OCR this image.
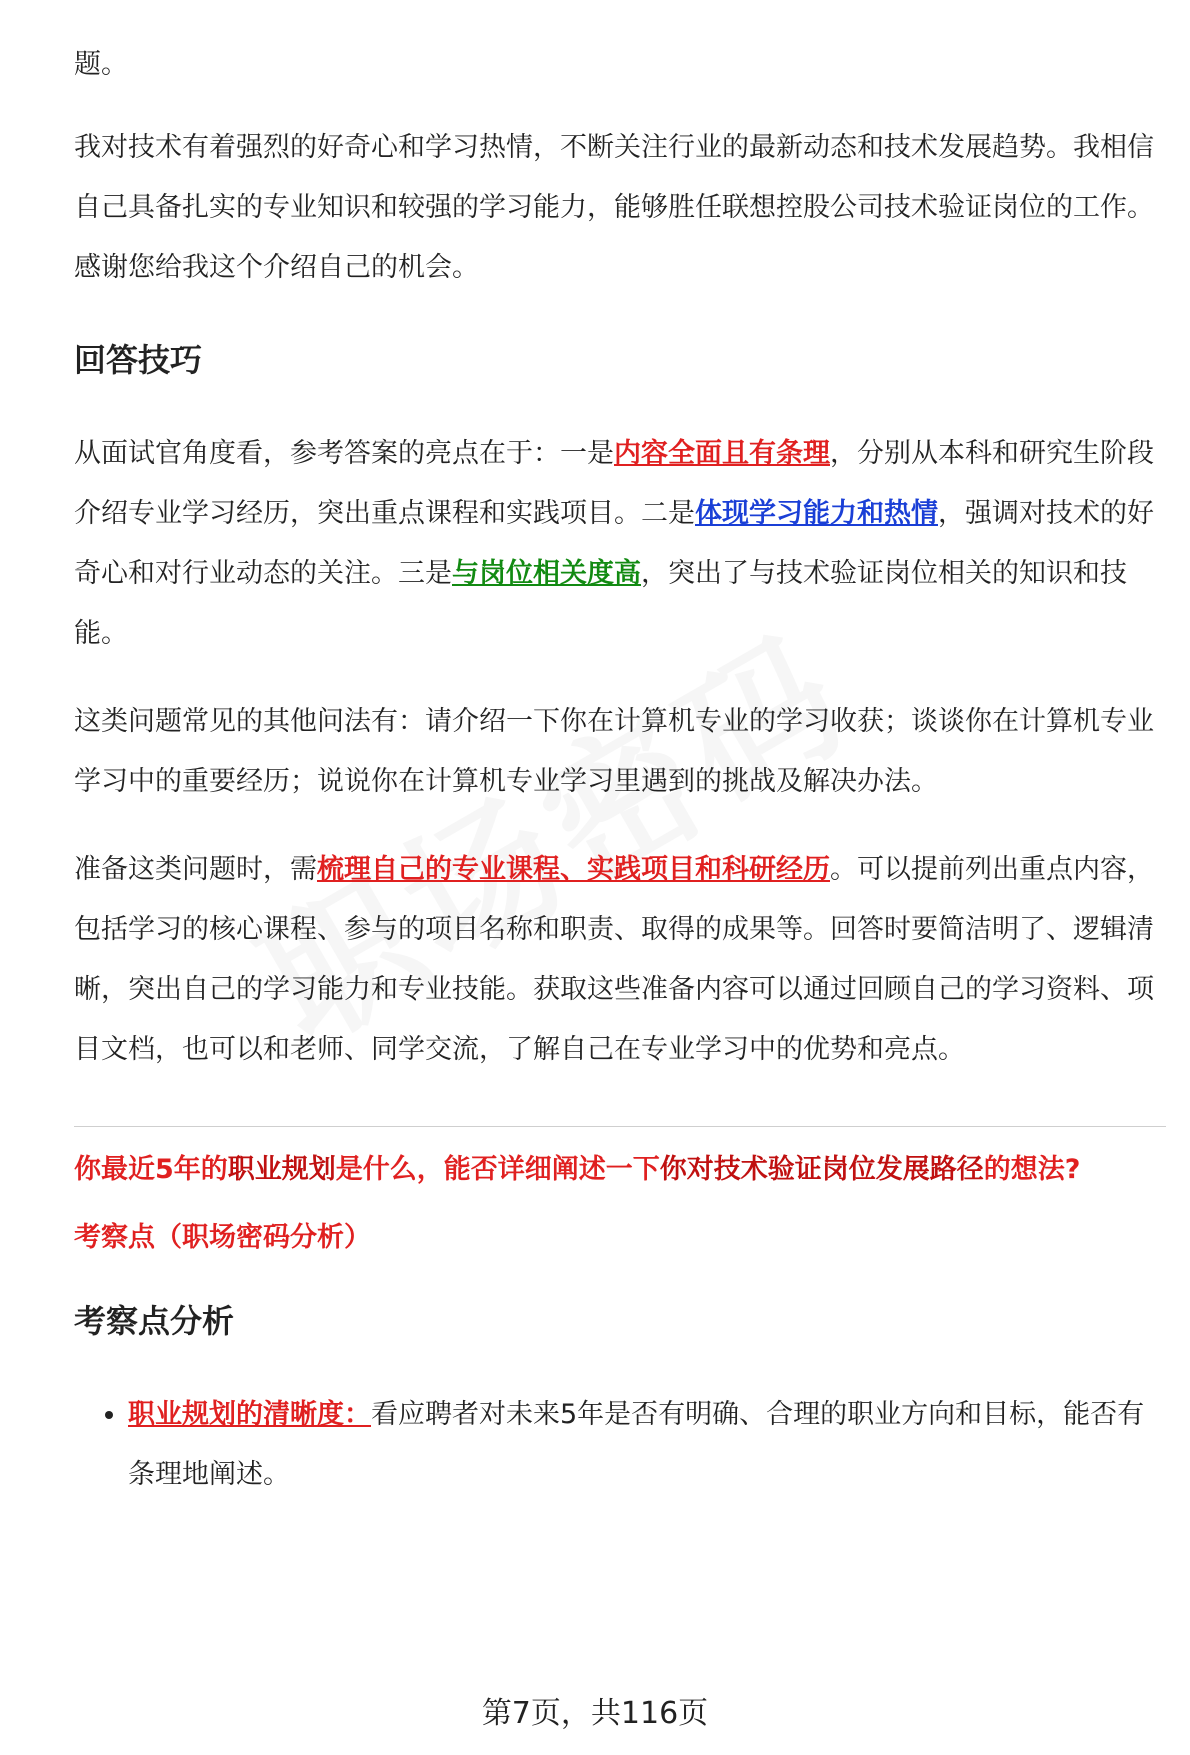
题。

我对技术有着强烈的好奇心和学习热情，不断关注行业的最新动态和技术发展趋势。我相信自己具备扎实的专业知识和较强的学习能力，能够胜任联想控股公司技术验证岗位的工作。感谢您给我这个介绍自己的机会。

回答技巧

从面试官角度看，参考答案的亮点在于：一是内容全面且有条理，分别从本科和研究生阶段介绍专业学习经历，突出重点课程和实践项目。二是体现学习能力和热情，强调对技术的好奇心和对行业动态的关注。三是与岗位相关度高，突出了与技术验证岗位相关的知识和技能。

这类问题常见的其他问法有：请介绍一下你在计算机专业的学习收获；谈谈你在计算机专业学习中的重要经历；说说你在计算机专业学习里遇到的挑战及解决办法。

准备这类问题时，需梳理自己的专业课程、实践项目和科研经历。可以提前列出重点内容，包括学习的核心课程、参与的项目名称和职责、取得的成果等。回答时要简洁明了、逻辑清晰，突出自己的学习能力和专业技能。获取这些准备内容可以通过回顾自己的学习资料、项目文档，也可以和老师、同学交流，了解自己在专业学习中的优势和亮点。

你最近5年的职业规划是什么，能否详细阐述一下你对技术验证岗位发展路径的想法?

考察点（职场密码分析）

考察点分析
• 职业规划的清晰度：看应聘者对未来5年是否有明确、合理的职业方向和目标，能否有条理地阐述。
第7页，共116页
